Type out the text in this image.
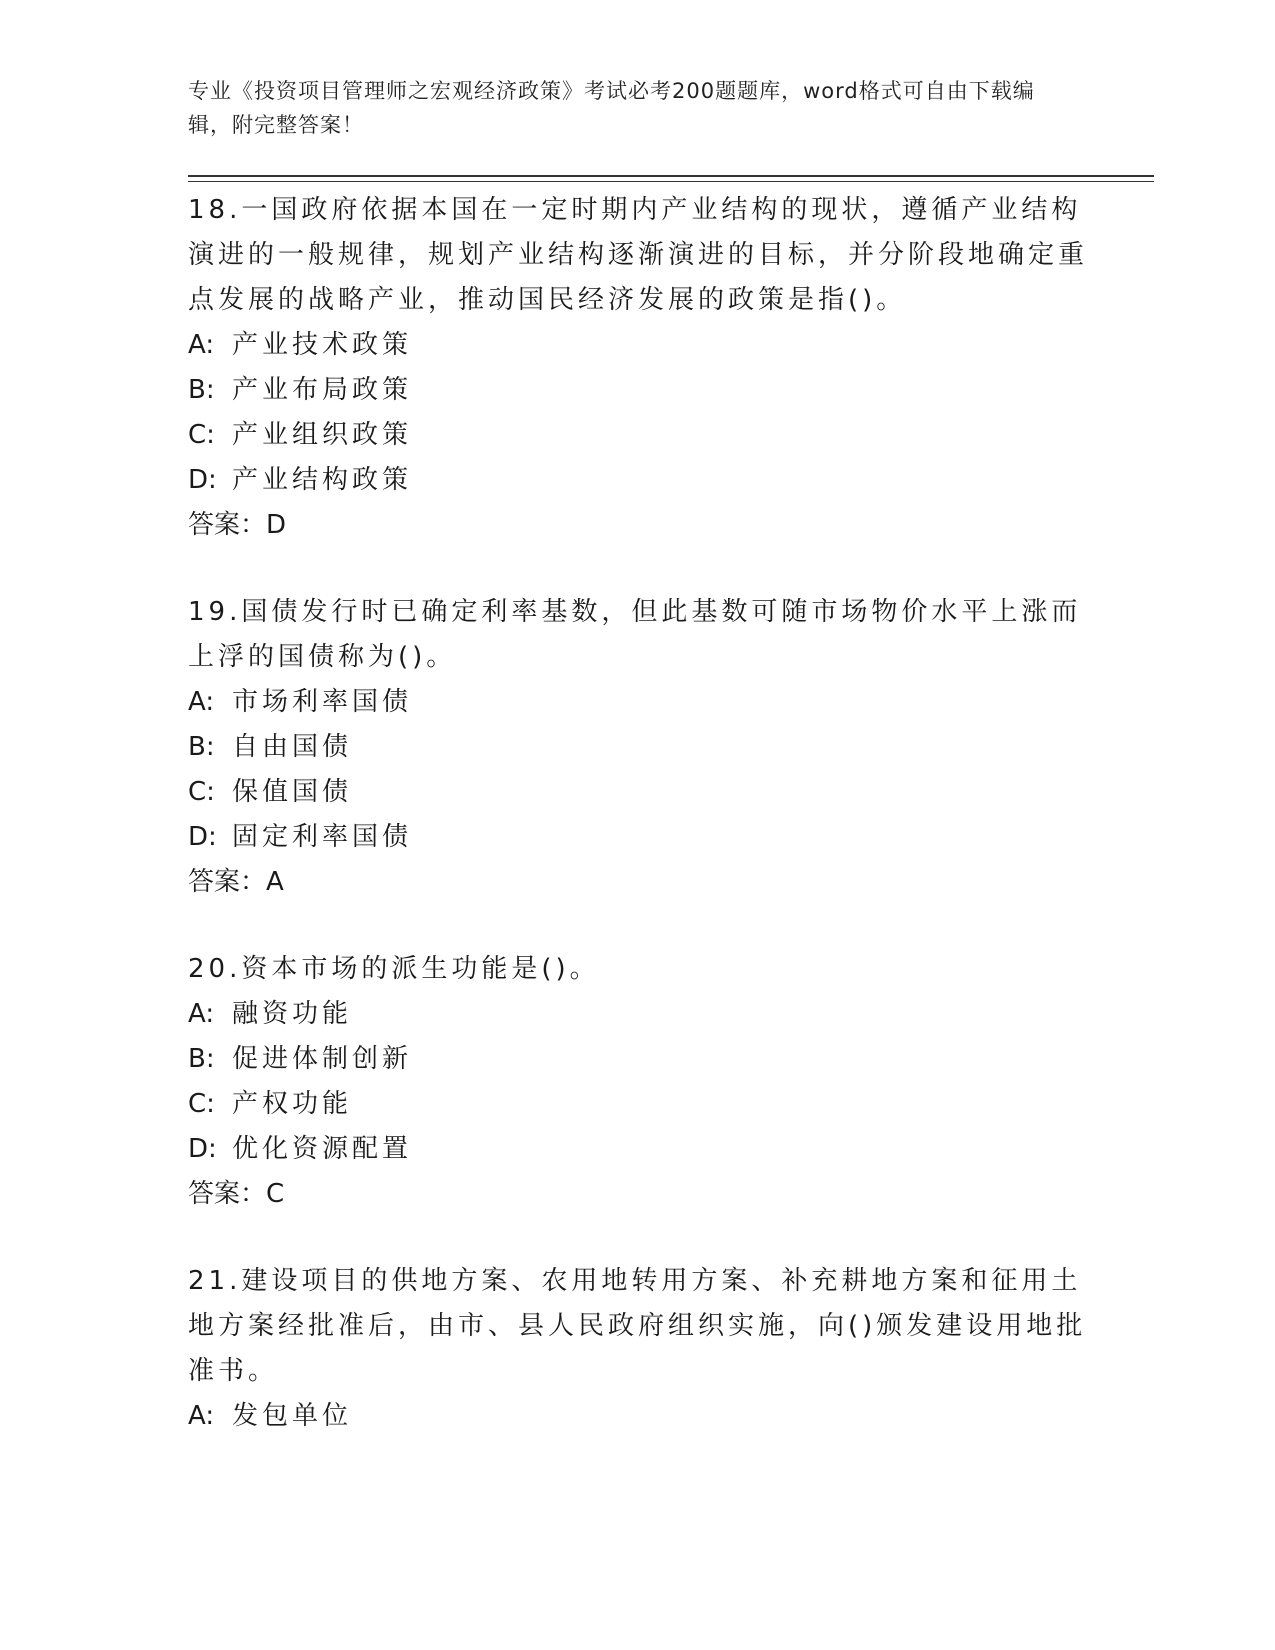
专业《投资项目管理师之宏观经济政策》考试必考200题题库，word格式可自由下载编辑，附完整答案！

18.一国政府依据本国在一定时期内产业结构的现状，遵循产业结构演进的一般规律，规划产业结构逐渐演进的目标，并分阶段地确定重点发展的战略产业，推动国民经济发展的政策是指()。

A: 产业技术政策

B: 产业布局政策

C: 产业组织政策

D: 产业结构政策

答案：D

19.国债发行时已确定利率基数，但此基数可随市场物价水平上涨而上浮的国债称为()。

A: 市场利率国债

B: 自由国债

C: 保值国债

D: 固定利率国债

答案：A

20.资本市场的派生功能是()。

A: 融资功能

B: 促进体制创新

C: 产权功能

D: 优化资源配置

答案：C

21.建设项目的供地方案、农用地转用方案、补充耕地方案和征用土地方案经批准后，由市、县人民政府组织实施，向()颁发建设用地批准书。

A: 发包单位
